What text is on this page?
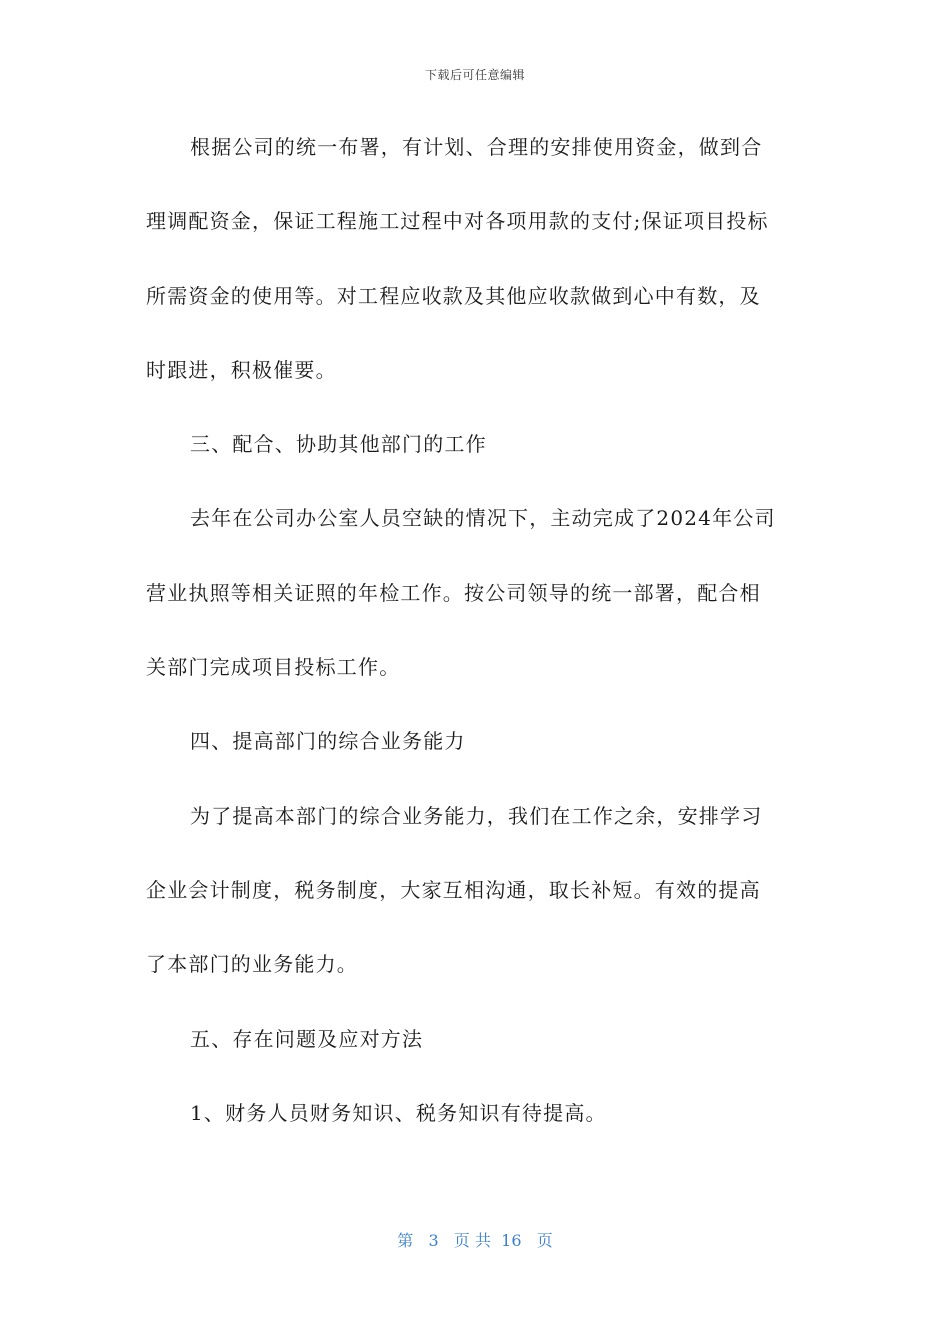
下载后可任意编辑
根据公司的统一布署，有计划、合理的安排使用资金，做到合
理调配资金，保证工程施工过程中对各项用款的支付;保证项目投标
所需资金的使用等。对工程应收款及其他应收款做到心中有数，及
时跟进，积极催要。
三、配合、协助其他部门的工作
去年在公司办公室人员空缺的情况下，主动完成了2024年公司
营业执照等相关证照的年检工作。按公司领导的统一部署，配合相
关部门完成项目投标工作。
四、提高部门的综合业务能力
为了提高本部门的综合业务能力，我们在工作之余，安排学习
企业会计制度，税务制度，大家互相沟通，取长补短。有效的提高
了本部门的业务能力。
五、存在问题及应对方法
1、财务人员财务知识、税务知识有待提高。
第   3   页 共  16   页
